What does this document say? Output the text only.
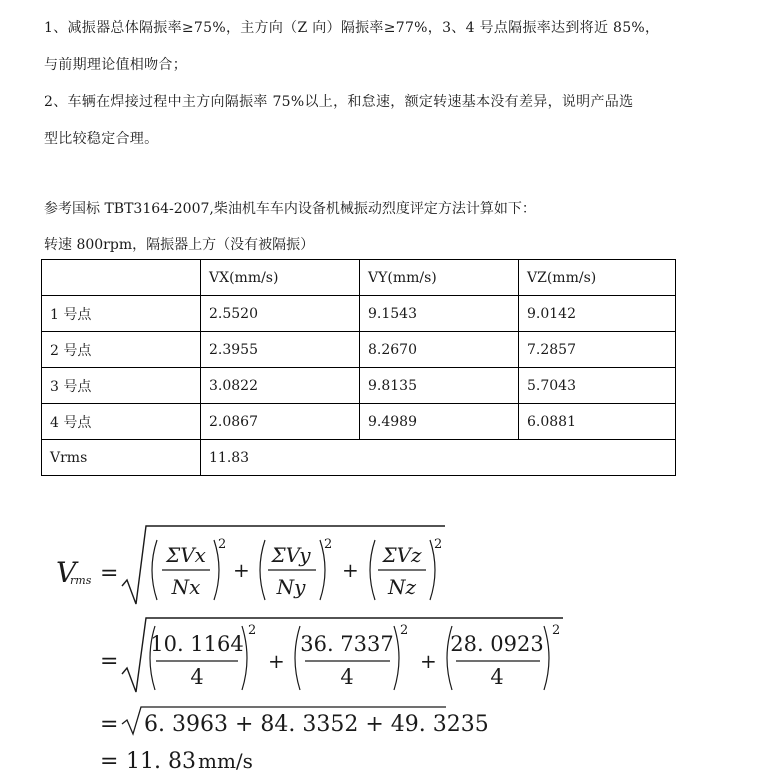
1、减振器总体隔振率≥75%，主方向（Z 向）隔振率≥77%，3、4 号点隔振率达到将近 85%，
与前期理论值相吻合；
2、车辆在焊接过程中主方向隔振率 75%以上，和怠速，额定转速基本没有差异，说明产品选
型比较稳定合理。
参考国标 TBT3164-2007,柴油机车车内设备机械振动烈度评定方法计算如下：
转速 800rpm，隔振器上方（没有被隔振）
	VX(mm/s)	VY(mm/s)	VZ(mm/s)
1 号点	2.5520	9.1543	9.0142
2 号点	2.3955	8.2670	7.2857
3 号点	3.0822	9.8135	5.7043
4 号点	2.0867	9.4989	6.0881
Vrms	11.83		
V
rms =
ΣVx
Nx
2
+
ΣVy
Ny
2
+
ΣVz
Nz
2
=
10. 1164
4
2
+
36. 7337
4
2
+
28. 0923
4
2
= 6. 3963 + 84. 3352 + 49. 3235
= 11. 83 mm/s
